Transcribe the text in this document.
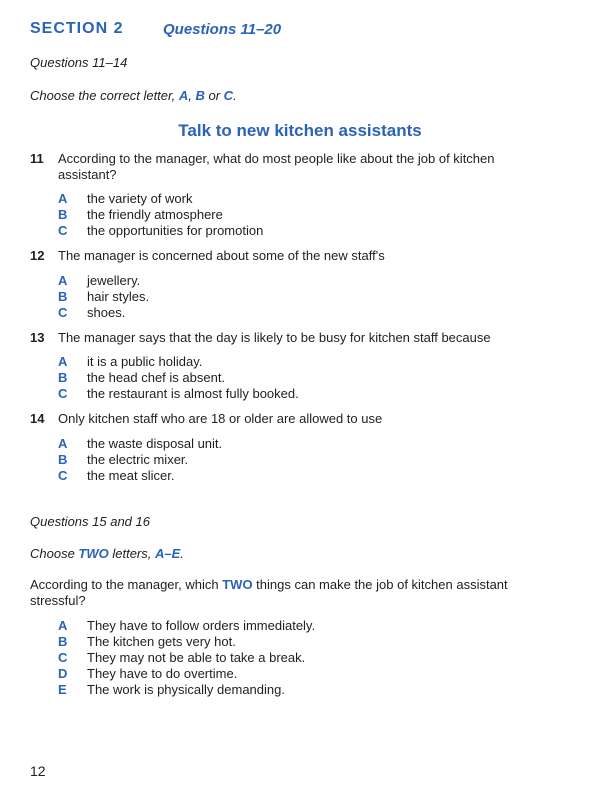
SECTION 2	Questions 11–20
Questions 11–14
Choose the correct letter, A, B or C.
Talk to new kitchen assistants
11 According to the manager, what do most people like about the job of kitchen
assistant?
A the variety of work
B the friendly atmosphere
C the opportunities for promotion
12 The manager is concerned about some of the new staff's
A jewellery.
B hair styles.
C shoes.
13 The manager says that the day is likely to be busy for kitchen staff because
A it is a public holiday.
B the head chef is absent.
C the restaurant is almost fully booked.
14 Only kitchen staff who are 18 or older are allowed to use
A the waste disposal unit.
B the electric mixer.
C the meat slicer.
Questions 15 and 16
Choose TWO letters, A–E.
According to the manager, which TWO things can make the job of kitchen assistant
stressful?
A They have to follow orders immediately.
B The kitchen gets very hot.
C They may not be able to take a break.
D They have to do overtime.
E The work is physically demanding.
12
